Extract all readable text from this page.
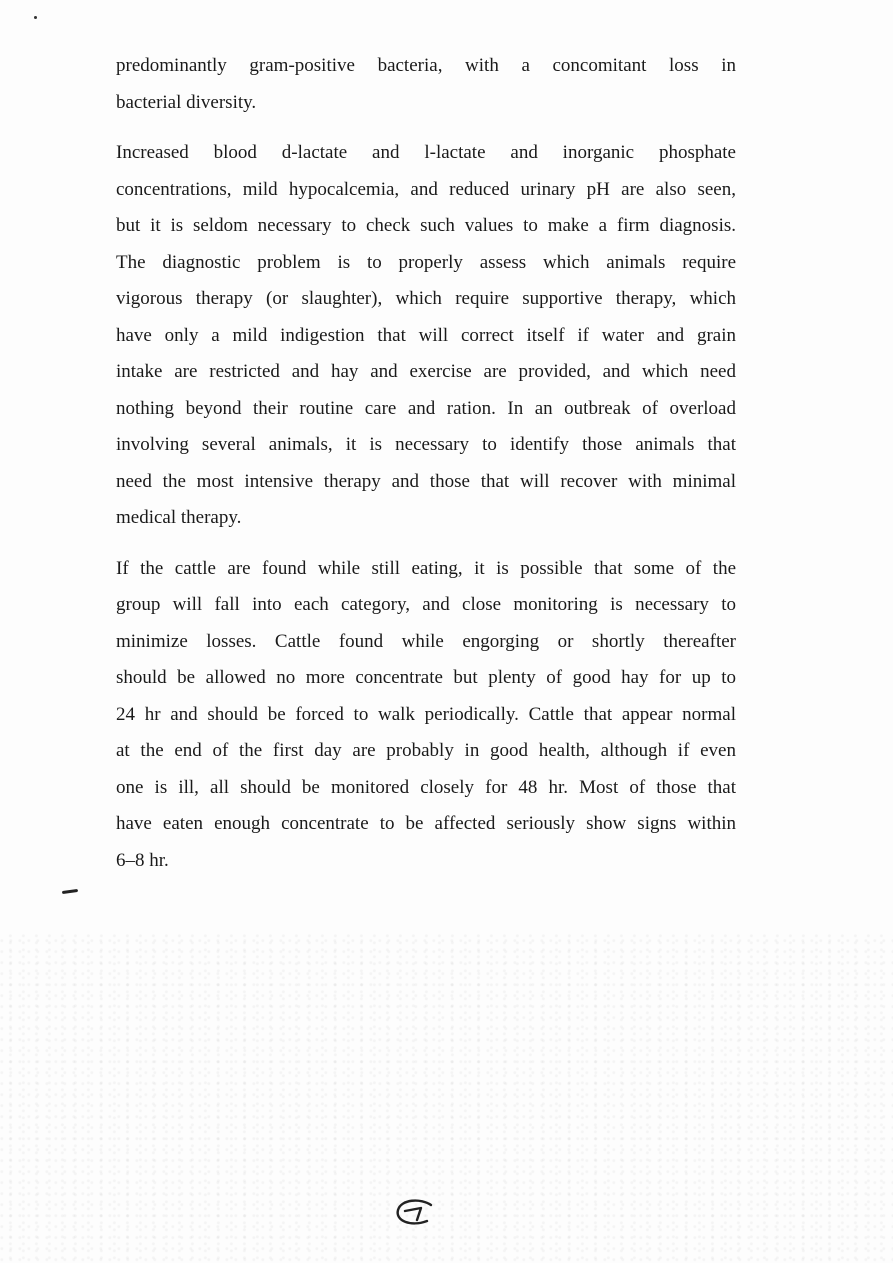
predominantly gram-positive bacteria, with a concomitant loss in
bacterial diversity.

Increased blood d-lactate and l-lactate and inorganic phosphate
concentrations, mild hypocalcemia, and reduced urinary pH are also seen,
but it is seldom necessary to check such values to make a firm diagnosis.
The diagnostic problem is to properly assess which animals require
vigorous therapy (or slaughter), which require supportive therapy, which
have only a mild indigestion that will correct itself if water and grain
intake are restricted and hay and exercise are provided, and which need
nothing beyond their routine care and ration. In an outbreak of overload
involving several animals, it is necessary to identify those animals that
need the most intensive therapy and those that will recover with minimal
medical therapy.

If the cattle are found while still eating, it is possible that some of the
group will fall into each category, and close monitoring is necessary to
minimize losses. Cattle found while engorging or shortly thereafter
should be allowed no more concentrate but plenty of good hay for up to
24 hr and should be forced to walk periodically. Cattle that appear normal
at the end of the first day are probably in good health, although if even
one is ill, all should be monitored closely for 48 hr. Most of those that
have eaten enough concentrate to be affected seriously show signs within
6–8 hr.
